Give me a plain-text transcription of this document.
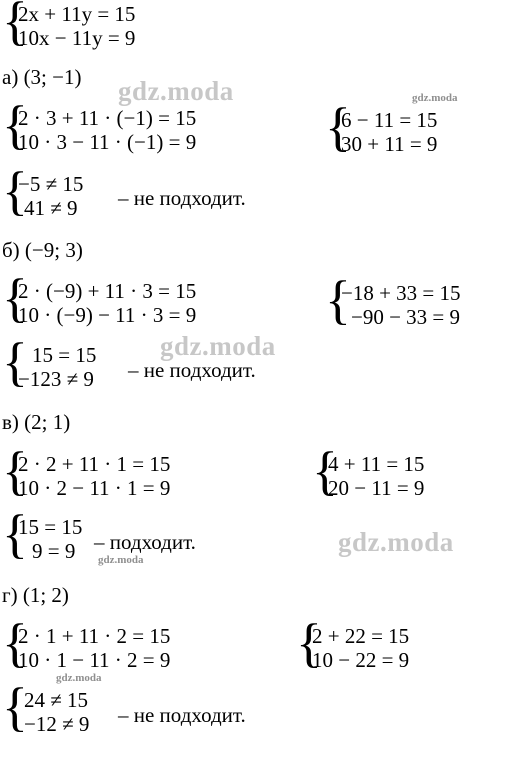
{
2x + 11y = 15
10x − 11y = 9
а) (3; −1)
{
2 · 3 + 11 · (−1) = 15
10 · 3 − 11 · (−1) = 9 {
6 − 11 = 15
30 + 11 = 9
{
−5 ≠ 15
41 ≠ 9 – не подходит.
б) (−9; 3)
{
2 · (−9) + 11 · 3 = 15
10 · (−9) − 11 · 3 = 9 {
−18 + 33 = 15
−90 − 33 = 9
{ 15 = 15
−123 ≠ 9 – не подходит.
в) (2; 1)
{
2 · 2 + 11 · 1 = 15
10 · 2 − 11 · 1 = 9	{
4 + 11 = 15
20 − 11 = 9
{
15 = 15
9 = 9 – подходит.
г) (1; 2)
{
2 · 1 + 11 · 2 = 15
10 · 1 − 11 · 2 = 9 {
2 + 22 = 15
10 − 22 = 9
{
24 ≠ 15
−12 ≠ 9 – не подходит.
gdz.moda	gdz.moda
gdz.moda
gdz.moda
gdz.moda
gdz.moda
